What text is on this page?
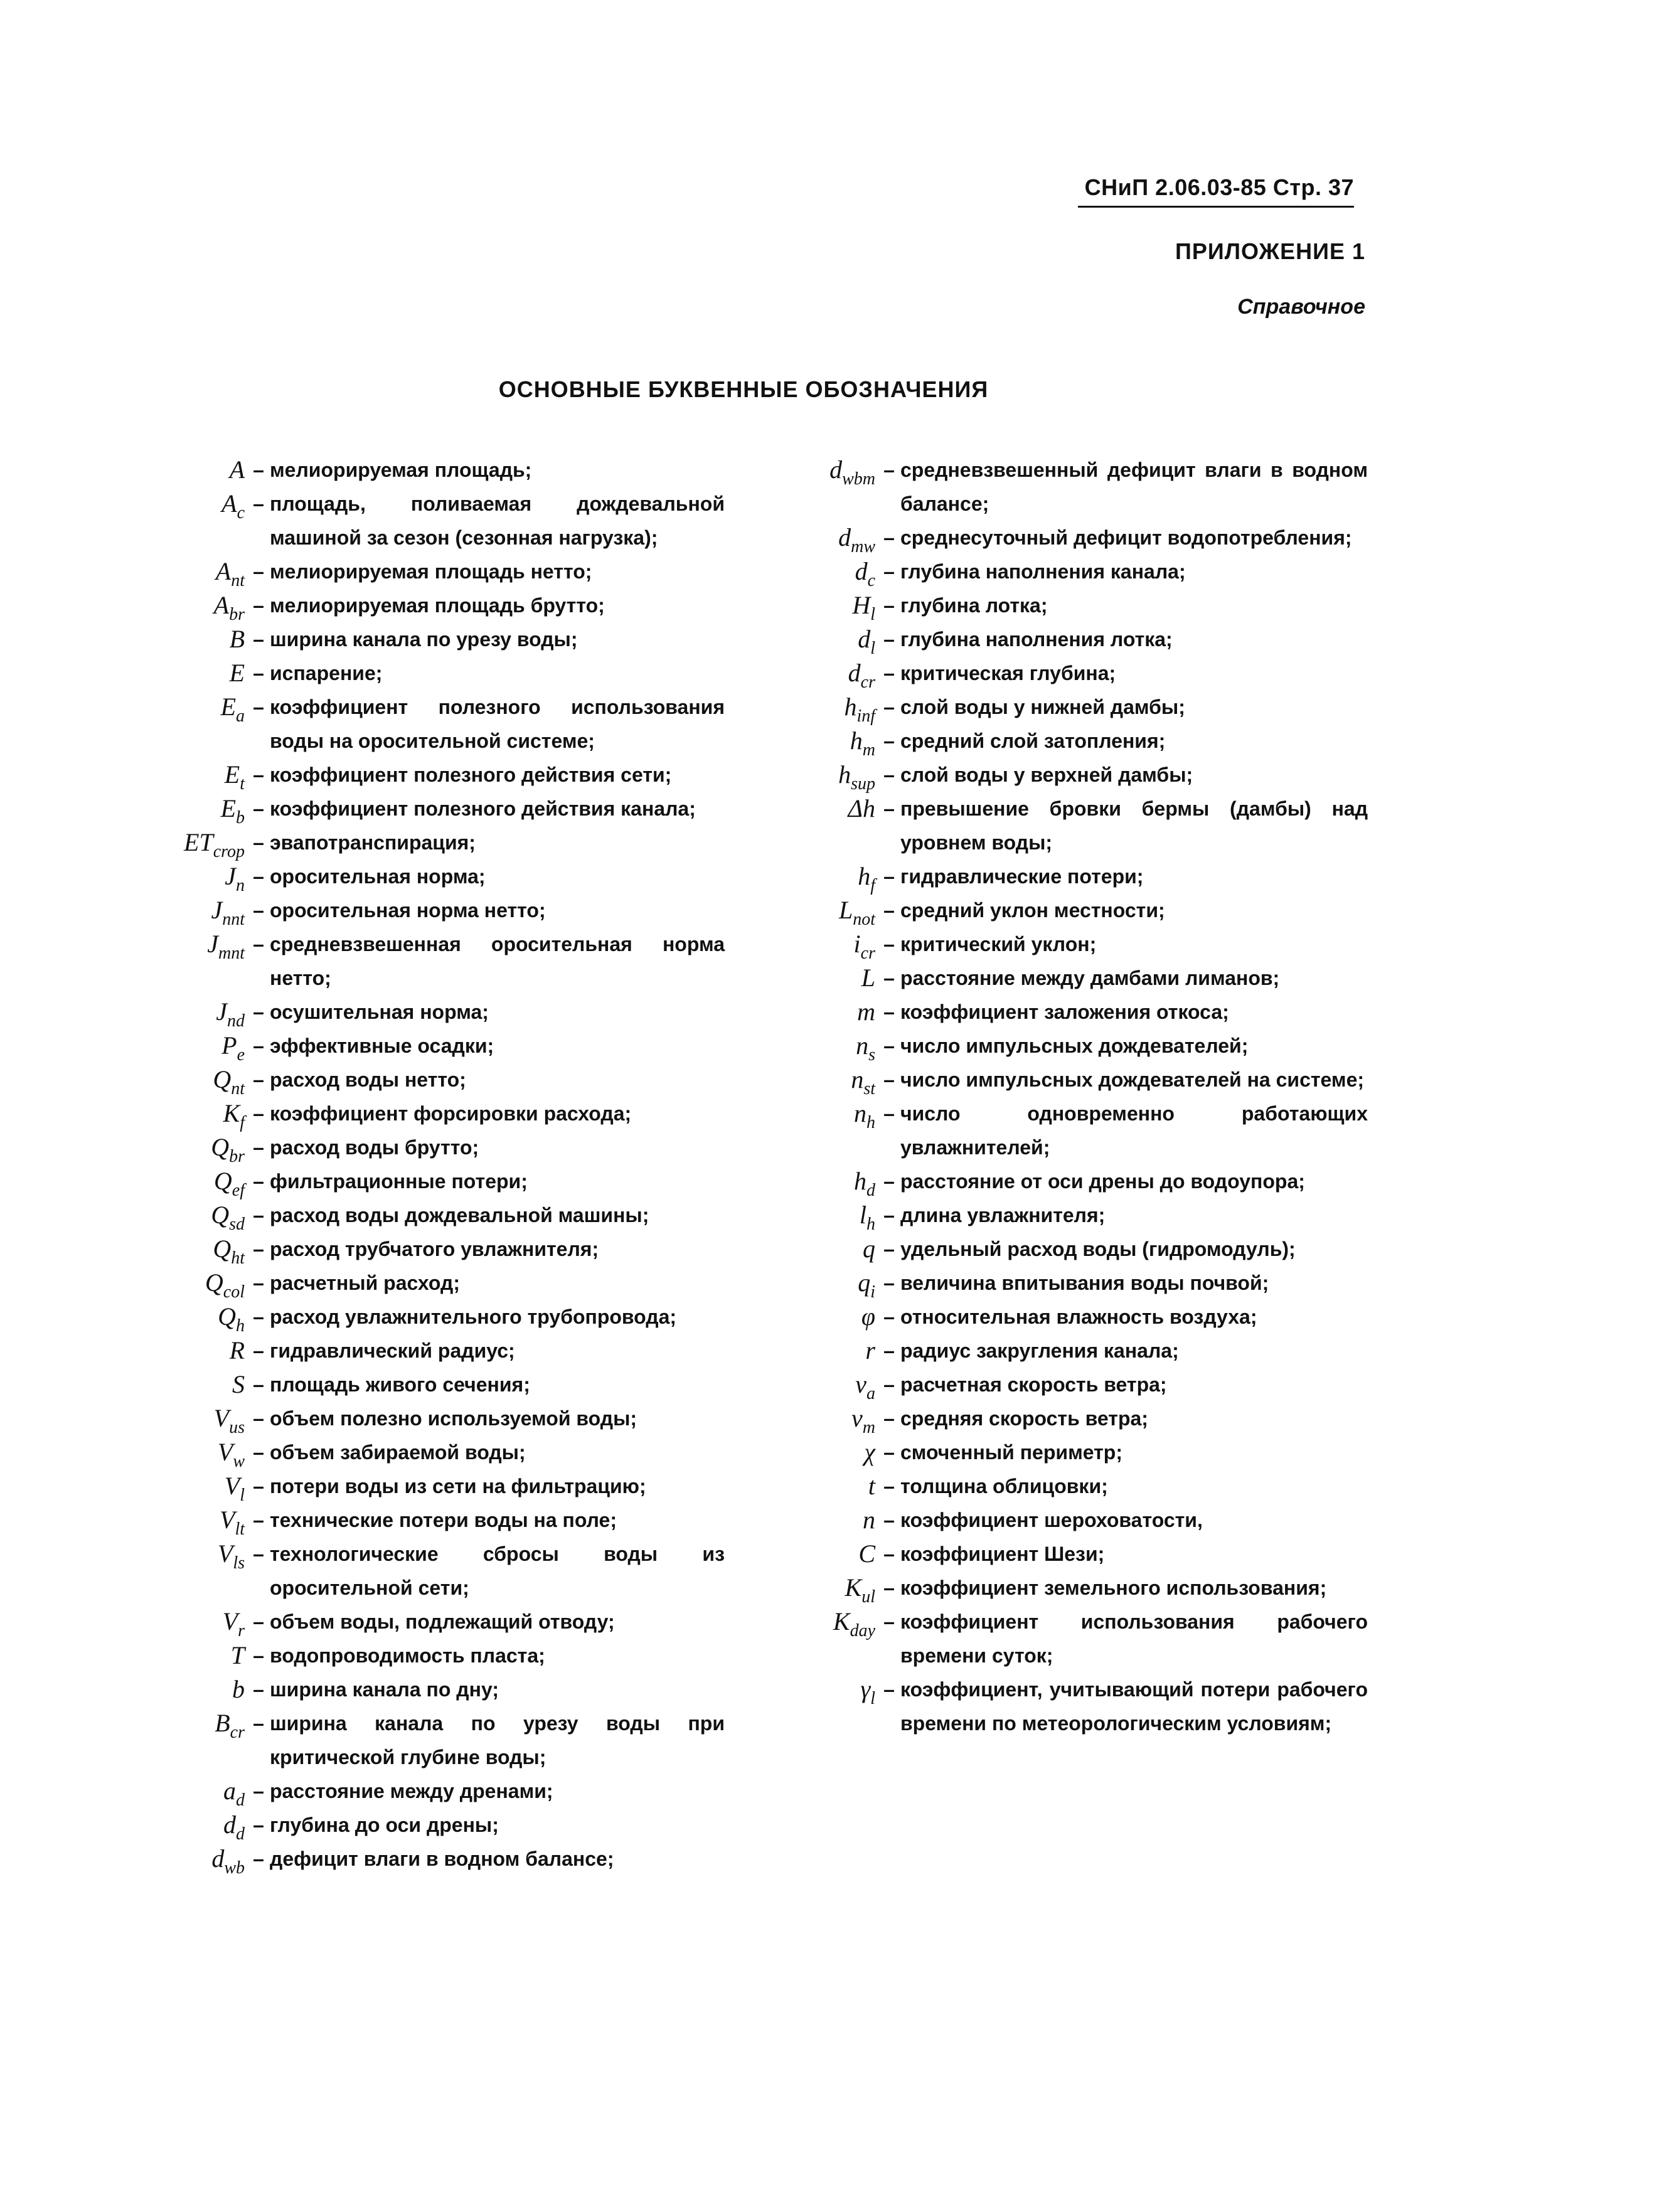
СНиП 2.06.03-85 Стр. 37
ПРИЛОЖЕНИЕ 1
Справочное
ОСНОВНЫЕ БУКВЕННЫЕ ОБОЗНАЧЕНИЯ
A – мелиорируемая площадь;
$A_c$ – площадь, поливаемая дождевальной машиной за сезон (сезонная нагрузка);
$A_{nt}$ – мелиорируемая площадь нетто;
$A_{br}$ – мелиорируемая площадь брутто;
B – ширина канала по урезу воды;
E – испарение;
$E_a$ – коэффициент полезного использования воды на оросительной системе;
$E_t$ – коэффициент полезного действия сети;
$E_b$ – коэффициент полезного действия канала;
$ET_{crop}$ – эвапотранспирация;
$J_n$ – оросительная норма;
$J_{nnt}$ – оросительная норма нетто;
$J_{mnt}$ – средневзвешенная оросительная норма нетто;
$J_{nd}$ – осушительная норма;
$P_e$ – эффективные осадки;
$Q_{nt}$ – расход воды нетто;
$K_f$ – коэффициент форсировки расхода;
$Q_{br}$ – расход воды брутто;
$Q_{ef}$ – фильтрационные потери;
$Q_{sd}$ – расход воды дождевальной машины;
$Q_{ht}$ – расход трубчатого увлажнителя;
$Q_{col}$ – расчетный расход;
$Q_h$ – расход увлажнительного трубопровода;
R – гидравлический радиус;
S – площадь живого сечения;
$V_{us}$ – объем полезно используемой воды;
$V_w$ – объем забираемой воды;
$V_l$ – потери воды из сети на фильтрацию;
$V_{lt}$ – технические потери воды на поле;
$V_{ls}$ – технологические сбросы воды из оросительной сети;
$V_r$ – объем воды, подлежащий отводу;
T – водопроводимость пласта;
b – ширина канала по дну;
$B_{cr}$ – ширина канала по урезу воды при критической глубине воды;
$a_d$ – расстояние между дренами;
$d_d$ – глубина до оси дрены;
$d_{wb}$ – дефицит влаги в водном балансе;
$d_{wbm}$ – средневзвешенный дефицит влаги в водном балансе;
$d_{mw}$ – среднесуточный дефицит водопотребления;
$d_c$ – глубина наполнения канала;
$H_l$ – глубина лотка;
$d_l$ – глубина наполнения лотка;
$d_{cr}$ – критическая глубина;
$h_{inf}$ – слой воды у нижней дамбы;
$h_m$ – средний слой затопления;
$h_{sup}$ – слой воды у верхней дамбы;
Δh – превышение бровки бермы (дамбы) над уровнем воды;
$h_f$ – гидравлические потери;
$L_{not}$ – средний уклон местности;
$i_{cr}$ – критический уклон;
L – расстояние между дамбами лиманов;
m – коэффициент заложения откоса;
$n_s$ – число импульсных дождевателей;
$n_{st}$ – число импульсных дождевателей на системе;
$n_h$ – число одновременно работающих увлажнителей;
$h_d$ – расстояние от оси дрены до водоупора;
$l_h$ – длина увлажнителя;
q – удельный расход воды (гидромодуль);
$q_i$ – величина впитывания воды почвой;
φ – относительная влажность воздуха;
r – радиус закругления канала;
$v_a$ – расчетная скорость ветра;
$v_m$ – средняя скорость ветра;
χ – смоченный периметр;
t – толщина облицовки;
n – коэффициент шероховатости,
C – коэффициент Шези;
$K_{ul}$ – коэффициент земельного использования;
$K_{day}$ – коэффициент использования рабочего времени суток;
$\gamma_l$ – коэффициент, учитывающий потери рабочего времени по метеорологическим условиям;
